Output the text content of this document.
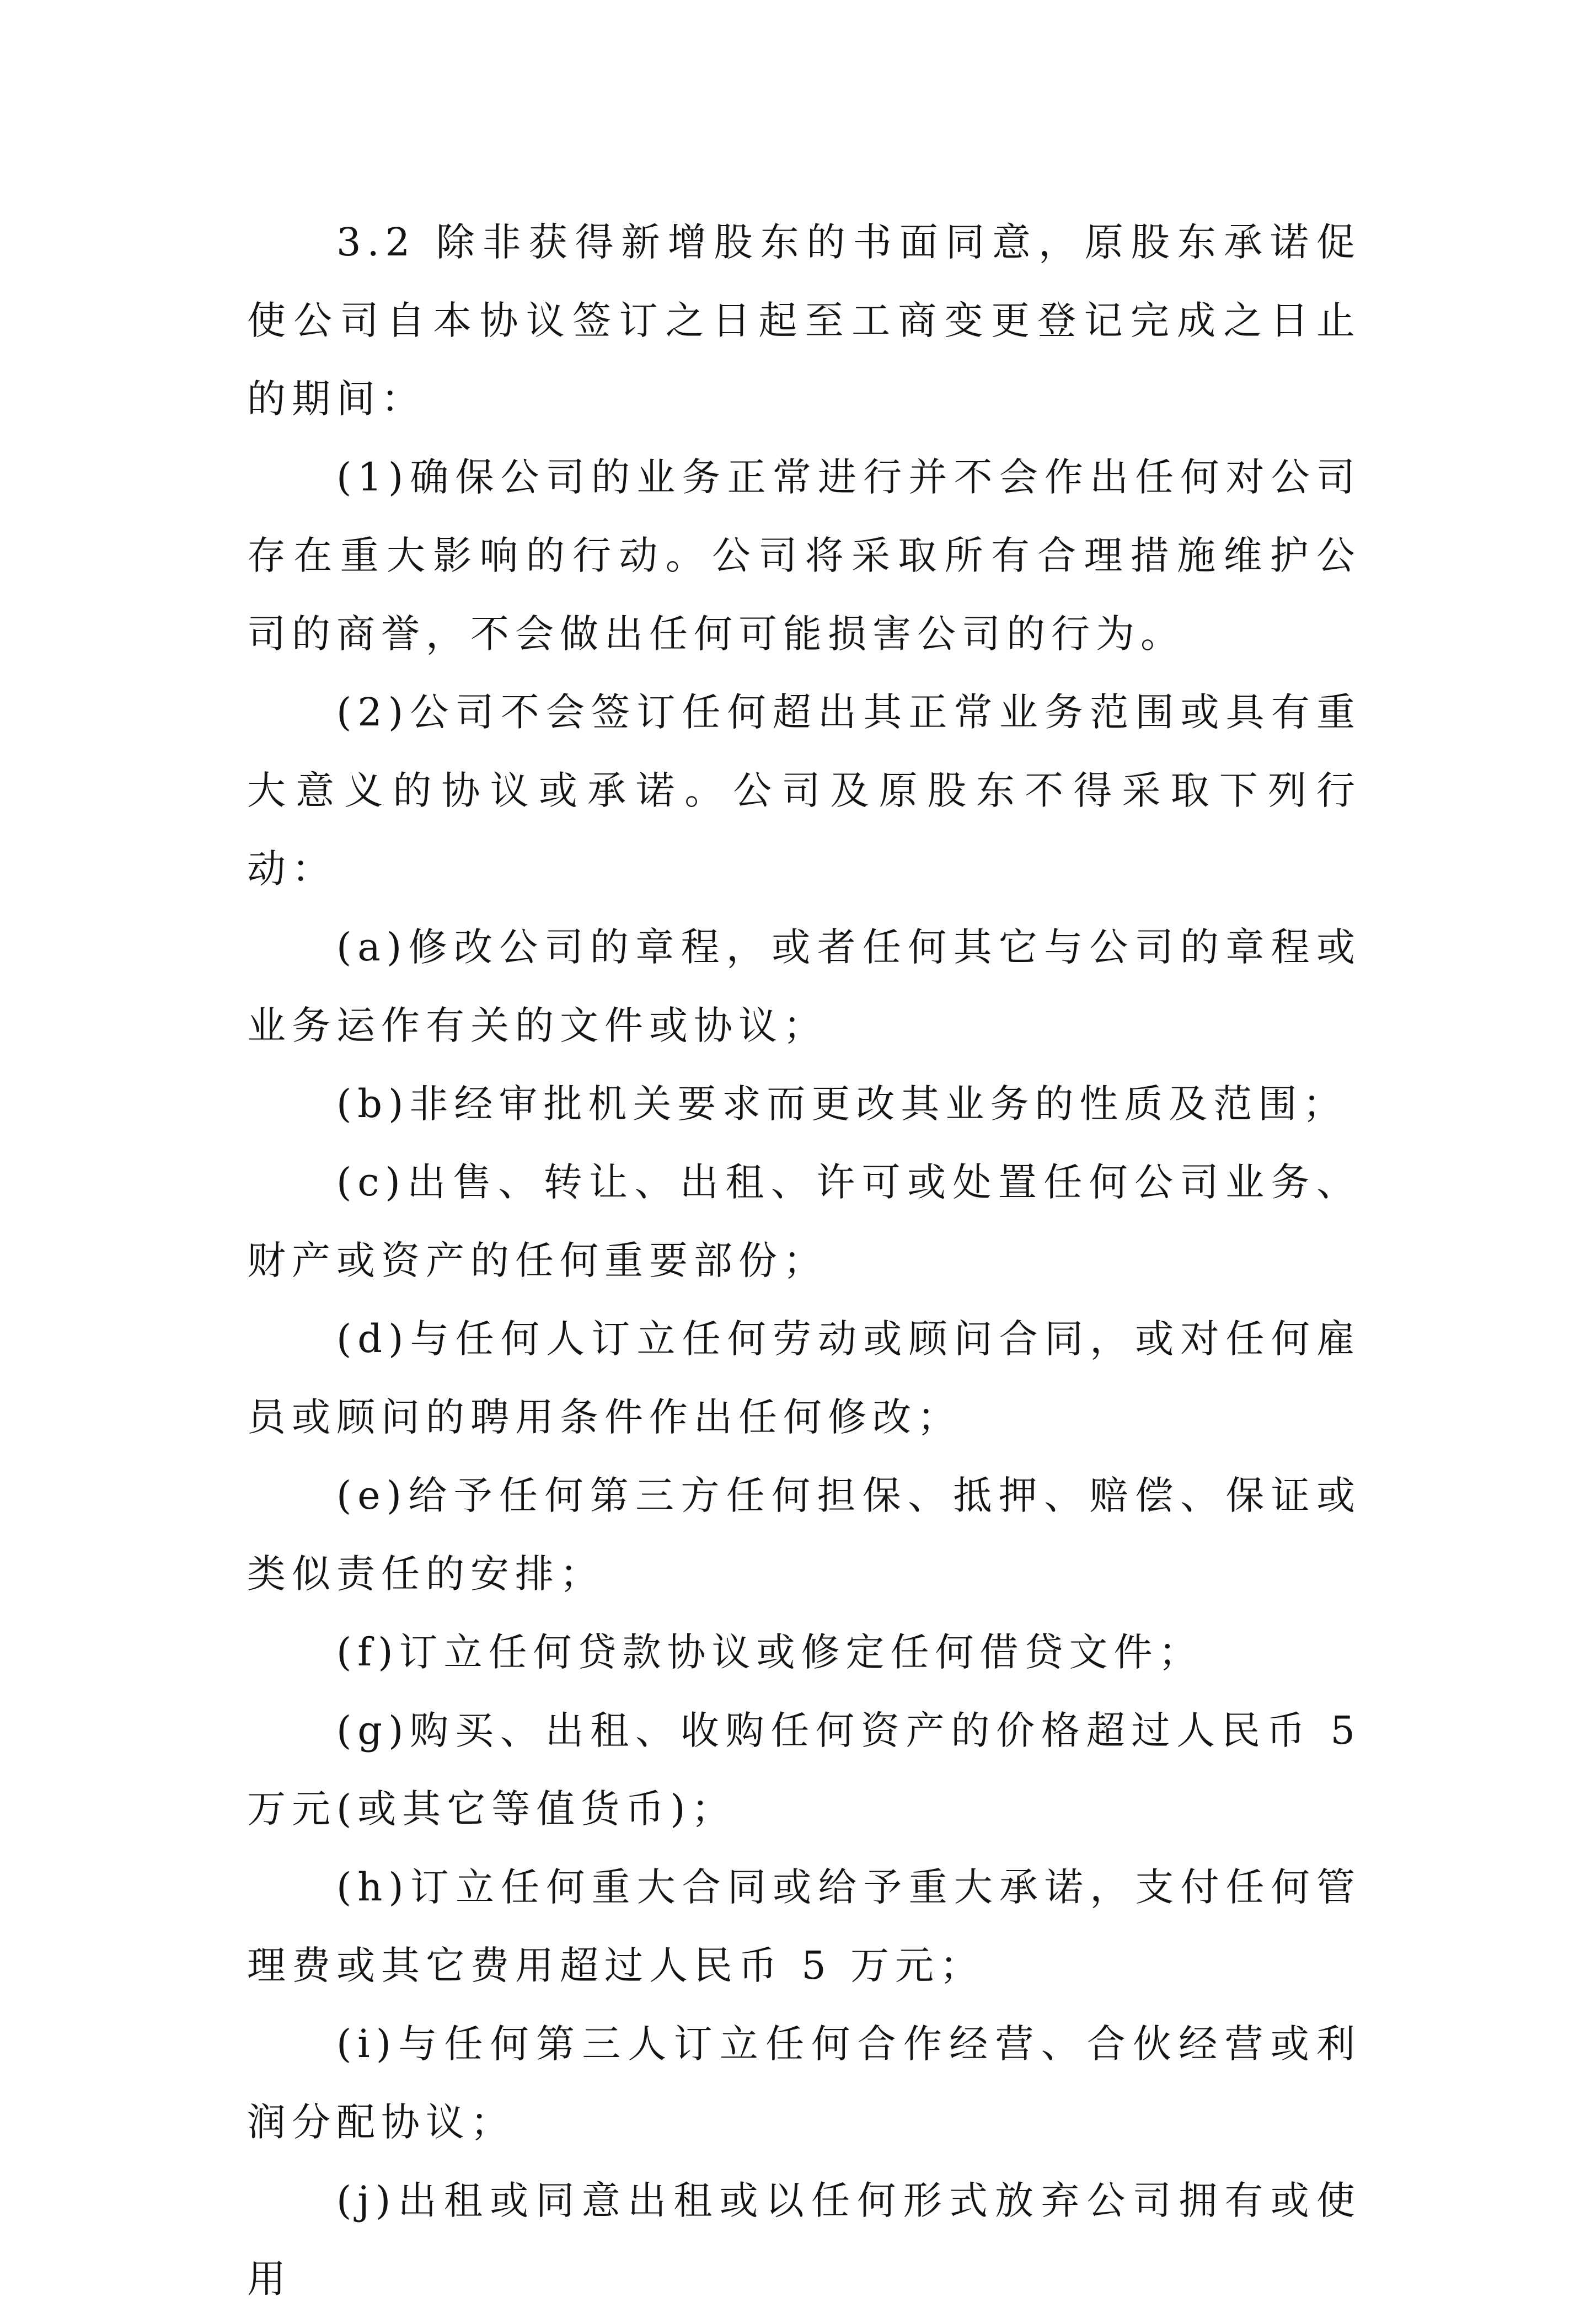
3.2 除非获得新增股东的书面同意，原股东承诺促使公司自本协议签订之日起至工商变更登记完成之日止的期间：

(1)确保公司的业务正常进行并不会作出任何对公司存在重大影响的行动。公司将采取所有合理措施维护公司的商誉，不会做出任何可能损害公司的行为。

(2)公司不会签订任何超出其正常业务范围或具有重大意义的协议或承诺。公司及原股东不得采取下列行动：

(a)修改公司的章程，或者任何其它与公司的章程或业务运作有关的文件或协议；

(b)非经审批机关要求而更改其业务的性质及范围；

(c)出售、转让、出租、许可或处置任何公司业务、财产或资产的任何重要部份；

(d)与任何人订立任何劳动或顾问合同，或对任何雇员或顾问的聘用条件作出任何修改；

(e)给予任何第三方任何担保、抵押、赔偿、保证或类似责任的安排；

(f)订立任何贷款协议或修定任何借贷文件；

(g)购买、出租、收购任何资产的价格超过人民币 5 万元(或其它等值货币)；

(h)订立任何重大合同或给予重大承诺，支付任何管理费或其它费用超过人民币 5 万元；

(i)与任何第三人订立任何合作经营、合伙经营或利润分配协议；

(j)出租或同意出租或以任何形式放弃公司拥有或使用
